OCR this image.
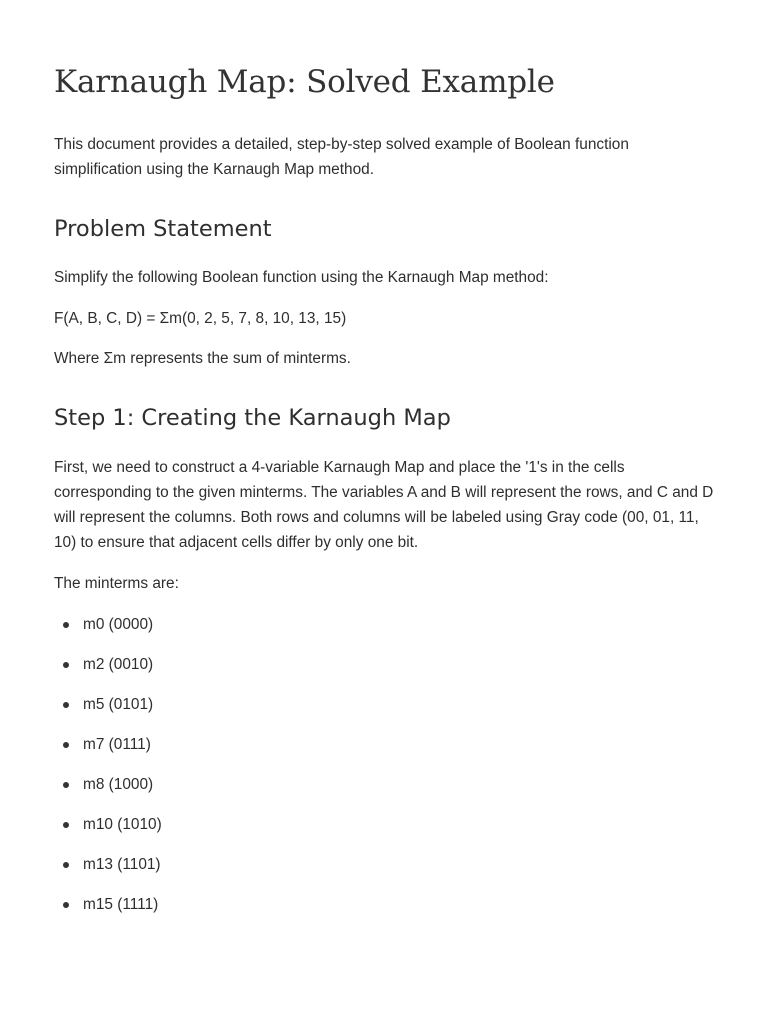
Karnaugh Map: Solved Example

This document provides a detailed, step-by-step solved example of Boolean function simplification using the Karnaugh Map method.

Problem Statement

Simplify the following Boolean function using the Karnaugh Map method:

F(A, B, C, D) = Σm(0, 2, 5, 7, 8, 10, 13, 15)

Where Σm represents the sum of minterms.

Step 1: Creating the Karnaugh Map

First, we need to construct a 4-variable Karnaugh Map and place the '1's in the cells corresponding to the given minterms. The variables A and B will represent the rows, and C and D will represent the columns. Both rows and columns will be labeled using Gray code (00, 01, 11, 10) to ensure that adjacent cells differ by only one bit.

The minterms are:

m0 (0000)
m2 (0010)
m5 (0101)
m7 (0111)
m8 (1000)
m10 (1010)
m13 (1101)
m15 (1111)
